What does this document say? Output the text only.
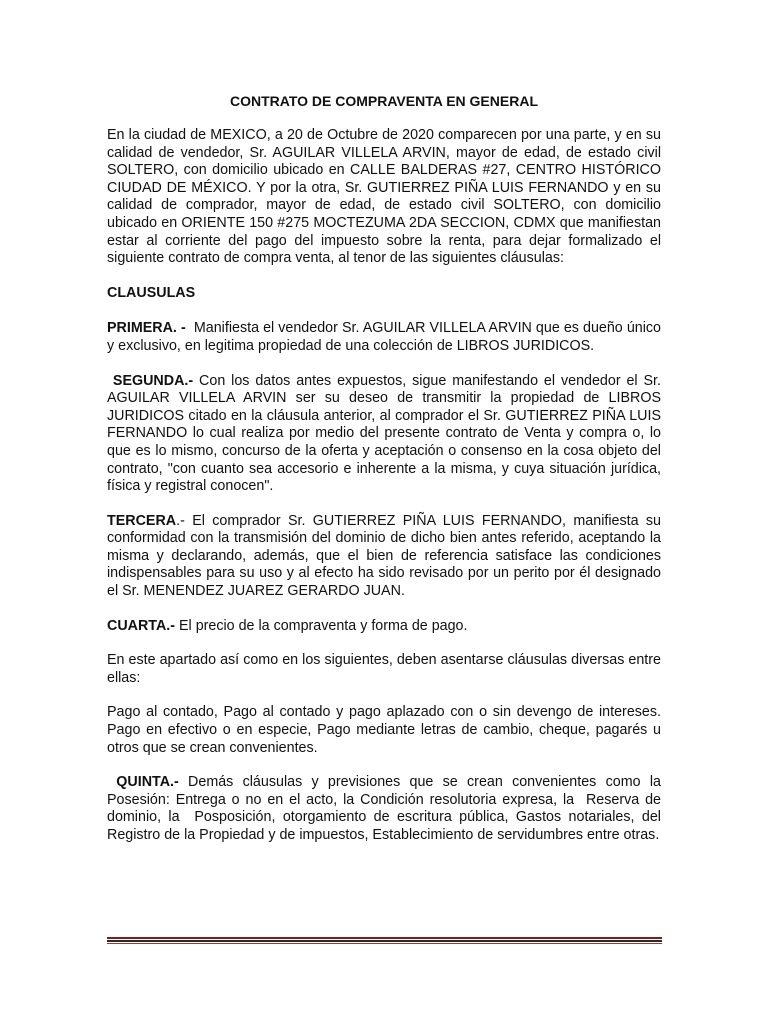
CONTRATO DE COMPRAVENTA EN GENERAL

En la ciudad de MEXICO, a 20 de Octubre de 2020 comparecen por una parte, y en su calidad de vendedor, Sr. AGUILAR VILLELA ARVIN, mayor de edad, de estado civil SOLTERO, con domicilio ubicado en CALLE BALDERAS #27, CENTRO HISTÓRICO CIUDAD DE MÉXICO. Y por la otra, Sr. GUTIERREZ PIÑA LUIS FERNANDO y en su calidad de comprador, mayor de edad, de estado civil SOLTERO, con domicilio ubicado en ORIENTE 150 #275 MOCTEZUMA 2DA SECCION, CDMX que manifiestan estar al corriente del pago del impuesto sobre la renta, para dejar formalizado el siguiente contrato de compra venta, al tenor de las siguientes cláusulas:

CLAUSULAS

PRIMERA. -  Manifiesta el vendedor Sr. AGUILAR VILLELA ARVIN que es dueño único y exclusivo, en legitima propiedad de una colección de LIBROS JURIDICOS.

SEGUNDA.- Con los datos antes expuestos, sigue manifestando el vendedor el Sr. AGUILAR VILLELA ARVIN ser su deseo de transmitir la propiedad de LIBROS JURIDICOS citado en la cláusula anterior, al comprador el Sr. GUTIERREZ PIÑA LUIS FERNANDO lo cual realiza por medio del presente contrato de Venta y compra o, lo que es lo mismo, concurso de la oferta y aceptación o consenso en la cosa objeto del contrato, "con cuanto sea accesorio e inherente a la misma, y cuya situación jurídica, física y registral conocen".

TERCERA.- El comprador Sr. GUTIERREZ PIÑA LUIS FERNANDO, manifiesta su conformidad con la transmisión del dominio de dicho bien antes referido, aceptando la misma y declarando, además, que el bien de referencia satisface las condiciones indispensables para su uso y al efecto ha sido revisado por un perito por él designado el Sr. MENENDEZ JUAREZ GERARDO JUAN.

CUARTA.- El precio de la compraventa y forma de pago.

En este apartado así como en los siguientes, deben asentarse cláusulas diversas entre ellas:

Pago al contado, Pago al contado y pago aplazado con o sin devengo de intereses. Pago en efectivo o en especie, Pago mediante letras de cambio, cheque, pagarés u otros que se crean convenientes.

QUINTA.- Demás cláusulas y previsiones que se crean convenientes como la Posesión: Entrega o no en el acto, la Condición resolutoria expresa, la  Reserva de dominio, la  Posposición, otorgamiento de escritura pública, Gastos notariales, del Registro de la Propiedad y de impuestos, Establecimiento de servidumbres entre otras.
